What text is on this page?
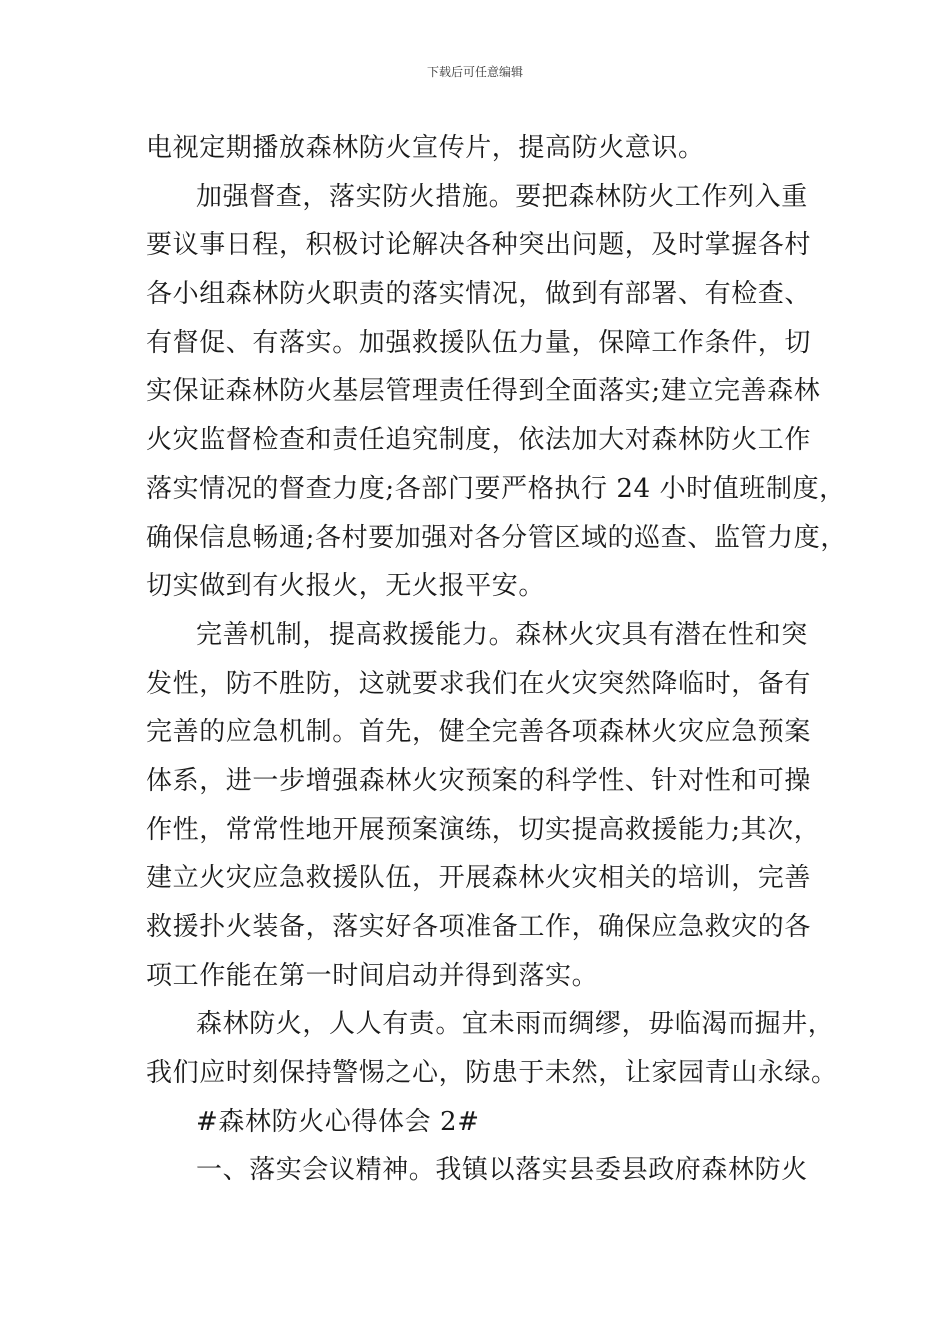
下载后可任意编辑
电视定期播放森林防火宣传片，提高防火意识。
加强督查，落实防火措施。要把森林防火工作列入重
要议事日程，积极讨论解决各种突出问题，及时掌握各村
各小组森林防火职责的落实情况，做到有部署、有检查、
有督促、有落实。加强救援队伍力量，保障工作条件，切
实保证森林防火基层管理责任得到全面落实;建立完善森林
火灾监督检查和责任追究制度，依法加大对森林防火工作
落实情况的督查力度;各部门要严格执行 24 小时值班制度，
确保信息畅通;各村要加强对各分管区域的巡查、监管力度，
切实做到有火报火，无火报平安。
完善机制，提高救援能力。森林火灾具有潜在性和突
发性，防不胜防，这就要求我们在火灾突然降临时，备有
完善的应急机制。首先，健全完善各项森林火灾应急预案
体系，进一步增强森林火灾预案的科学性、针对性和可操
作性，常常性地开展预案演练，切实提高救援能力;其次，
建立火灾应急救援队伍，开展森林火灾相关的培训，完善
救援扑火装备，落实好各项准备工作，确保应急救灾的各
项工作能在第一时间启动并得到落实。
森林防火，人人有责。宜未雨而绸缪，毋临渴而掘井，
我们应时刻保持警惕之心，防患于未然，让家园青山永绿。
#森林防火心得体会 2#
一、落实会议精神。我镇以落实县委县政府森林防火
